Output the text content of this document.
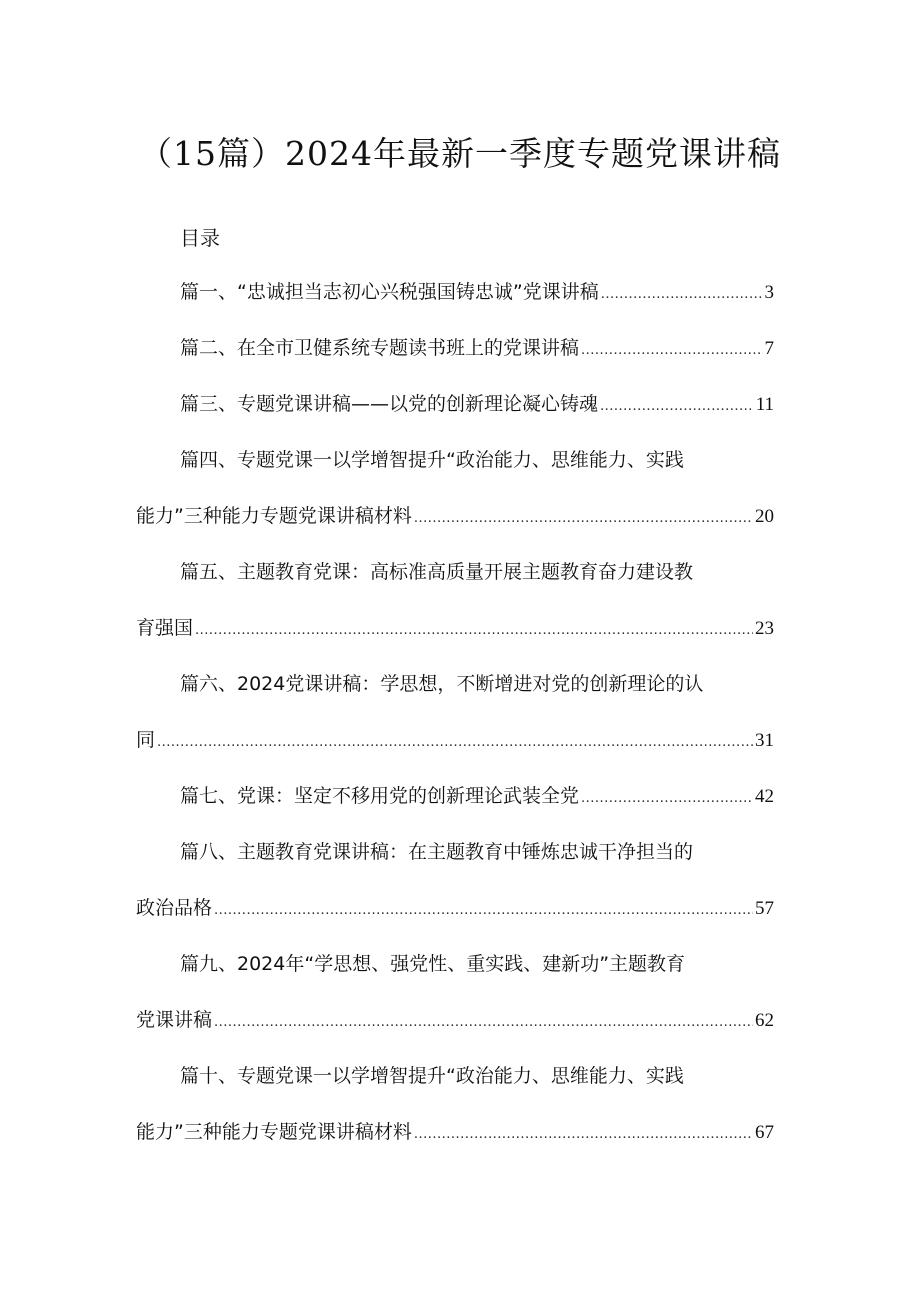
（15篇）2024年最新一季度专题党课讲稿
目录
篇一、“忠诚担当志初心兴税强国铸忠诚”党课讲稿 .....	3
篇二、在全市卫健系统专题读书班上的党课讲稿 .....	7
篇三、专题党课讲稿——以党的创新理论凝心铸魂 .....	11
篇四、专题党课一以学增智提升“政治能力、思维能力、实践
能力”三种能力专题党课讲稿材料 .....	20
篇五、主题教育党课：高标准高质量开展主题教育奋力建设教
育强国 .....	23
篇六、2024党课讲稿：学思想，不断增进对党的创新理论的认
同 .....	31
篇七、党课：坚定不移用党的创新理论武装全党 .....	42
篇八、主题教育党课讲稿：在主题教育中锤炼忠诚干净担当的
政治品格 .....	57
篇九、2024年“学思想、强党性、重实践、建新功”主题教育
党课讲稿 .....	62
篇十、专题党课一以学增智提升“政治能力、思维能力、实践
能力”三种能力专题党课讲稿材料 .....	67
